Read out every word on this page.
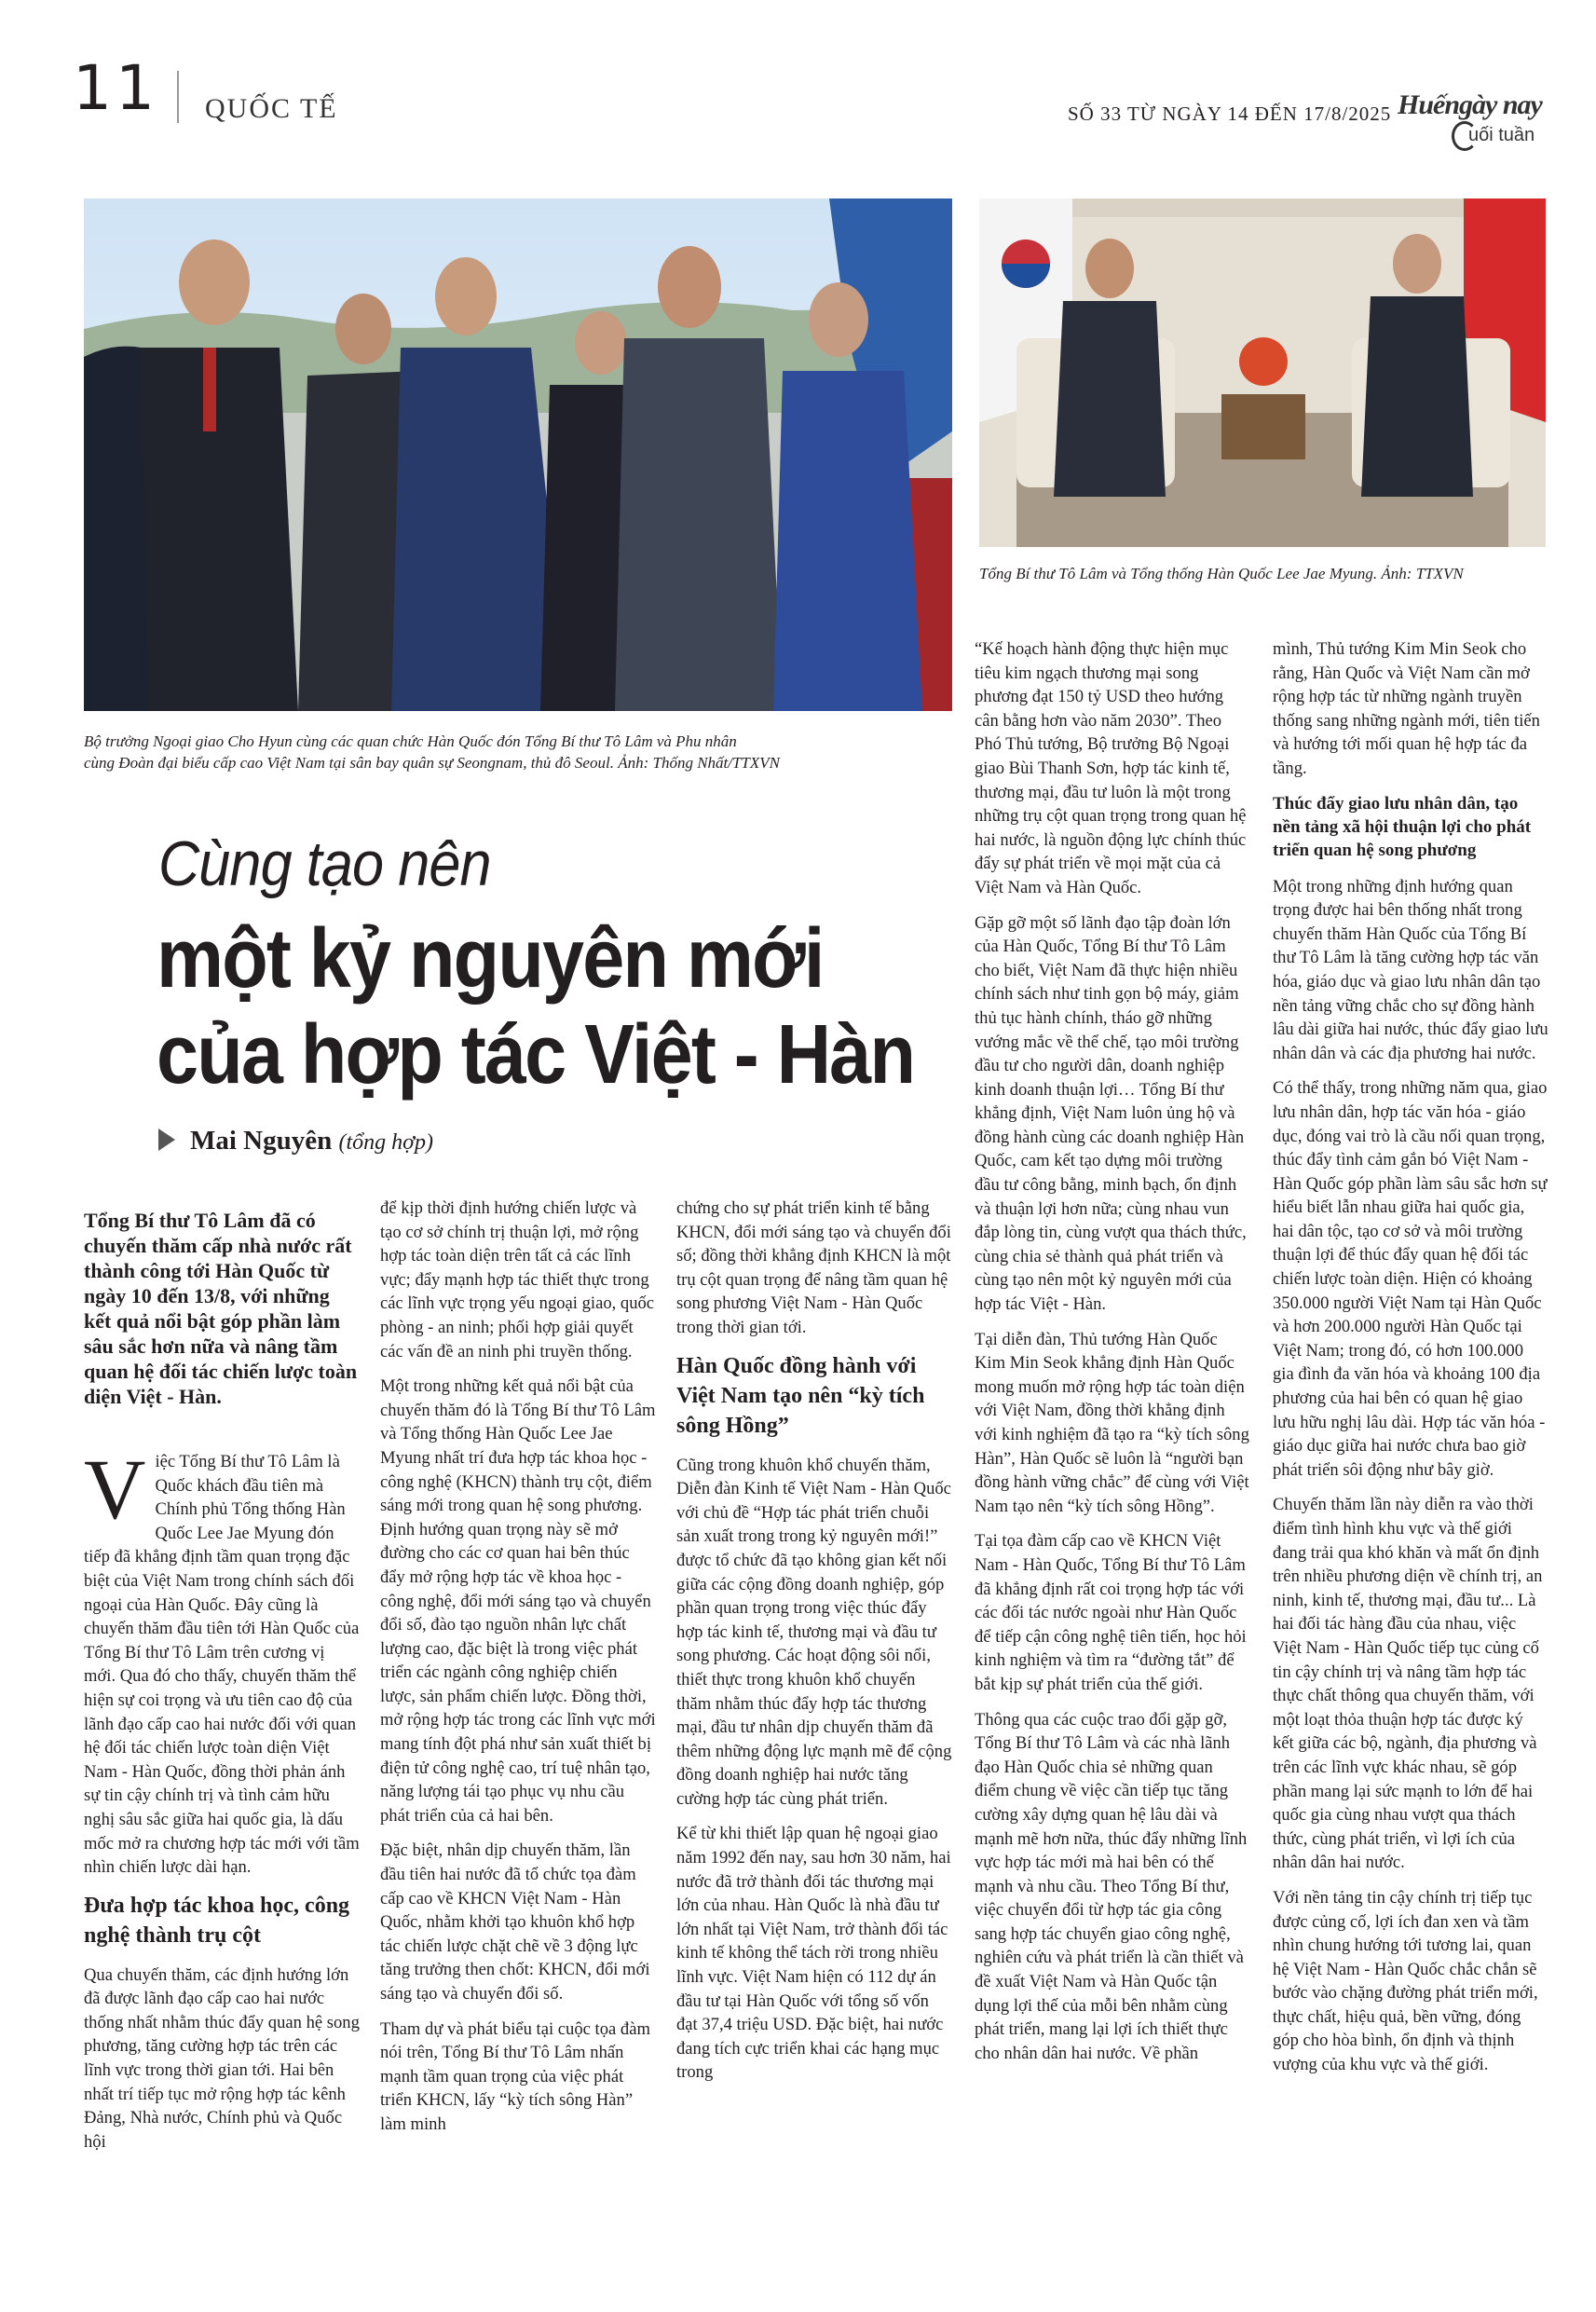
11 QUỐC TẾ	SỐ 33 TỪ NGÀY 14 ĐẾN 17/8/2025 Huếngày nay
uối tuần
Bộ trưởng Ngoại giao Cho Hyun cùng các quan chức Hàn Quốc đón Tổng Bí thư Tô Lâm và Phu nhân
cùng Đoàn đại biểu cấp cao Việt Nam tại sân bay quân sự Seongnam, thủ đô Seoul. Ảnh: Thống Nhất/TTXVN
Tổng Bí thư Tô Lâm và Tổng thống Hàn Quốc Lee Jae Myung. Ảnh: TTXVN
Cùng tạo nên
một kỷ nguyên mới
của hợp tác Việt - Hàn
Mai Nguyên (tổng hợp)

Tổng Bí thư Tô Lâm đã có chuyến thăm cấp nhà nước rất thành công tới Hàn Quốc từ ngày 10 đến 13/8, với những kết quả nổi bật góp phần làm sâu sắc hơn nữa và nâng tầm quan hệ đối tác chiến lược toàn diện Việt - Hàn.

Việc Tổng Bí thư Tô Lâm là Quốc khách đầu tiên mà Chính phủ Tổng thống Hàn Quốc Lee Jae Myung đón tiếp đã khẳng định tầm quan trọng đặc biệt của Việt Nam trong chính sách đối ngoại của Hàn Quốc. Đây cũng là chuyến thăm đầu tiên tới Hàn Quốc của Tổng Bí thư Tô Lâm trên cương vị mới. Qua đó cho thấy, chuyến thăm thể hiện sự coi trọng và ưu tiên cao độ của lãnh đạo cấp cao hai nước đối với quan hệ đối tác chiến lược toàn diện Việt Nam - Hàn Quốc, đồng thời phản ánh sự tin cậy chính trị và tình cảm hữu nghị sâu sắc giữa hai quốc gia, là dấu mốc mở ra chương hợp tác mới với tầm nhìn chiến lược dài hạn.

Đưa hợp tác khoa học, công nghệ thành trụ cột

Qua chuyến thăm, các định hướng lớn đã được lãnh đạo cấp cao hai nước thống nhất nhằm thúc đẩy quan hệ song phương, tăng cường hợp tác trên các lĩnh vực trong thời gian tới. Hai bên nhất trí tiếp tục mở rộng hợp tác kênh Đảng, Nhà nước, Chính phủ và Quốc hội

để kịp thời định hướng chiến lược và tạo cơ sở chính trị thuận lợi, mở rộng hợp tác toàn diện trên tất cả các lĩnh vực; đẩy mạnh hợp tác thiết thực trong các lĩnh vực trọng yếu ngoại giao, quốc phòng - an ninh; phối hợp giải quyết các vấn đề an ninh phi truyền thống.

Một trong những kết quả nổi bật của chuyến thăm đó là Tổng Bí thư Tô Lâm và Tổng thống Hàn Quốc Lee Jae Myung nhất trí đưa hợp tác khoa học - công nghệ (KHCN) thành trụ cột, điểm sáng mới trong quan hệ song phương. Định hướng quan trọng này sẽ mở đường cho các cơ quan hai bên thúc đẩy mở rộng hợp tác về khoa học - công nghệ, đổi mới sáng tạo và chuyển đổi số, đào tạo nguồn nhân lực chất lượng cao, đặc biệt là trong việc phát triển các ngành công nghiệp chiến lược, sản phẩm chiến lược. Đồng thời, mở rộng hợp tác trong các lĩnh vực mới mang tính đột phá như sản xuất thiết bị điện tử công nghệ cao, trí tuệ nhân tạo, năng lượng tái tạo phục vụ nhu cầu phát triển của cả hai bên.

Đặc biệt, nhân dịp chuyến thăm, lần đầu tiên hai nước đã tổ chức tọa đàm cấp cao về KHCN Việt Nam - Hàn Quốc, nhằm khởi tạo khuôn khổ hợp tác chiến lược chặt chẽ về 3 động lực tăng trưởng then chốt: KHCN, đổi mới sáng tạo và chuyển đổi số.

Tham dự và phát biểu tại cuộc tọa đàm nói trên, Tổng Bí thư Tô Lâm nhấn mạnh tầm quan trọng của việc phát triển KHCN, lấy “kỳ tích sông Hàn” làm minh

chứng cho sự phát triển kinh tế bằng KHCN, đổi mới sáng tạo và chuyển đổi số; đồng thời khẳng định KHCN là một trụ cột quan trọng để nâng tầm quan hệ song phương Việt Nam - Hàn Quốc trong thời gian tới.

Hàn Quốc đồng hành với Việt Nam tạo nên “kỳ tích sông Hồng”

Cũng trong khuôn khổ chuyến thăm, Diễn đàn Kinh tế Việt Nam - Hàn Quốc với chủ đề “Hợp tác phát triển chuỗi sản xuất trong trong kỷ nguyên mới!” được tổ chức đã tạo không gian kết nối giữa các cộng đồng doanh nghiệp, góp phần quan trọng trong việc thúc đẩy hợp tác kinh tế, thương mại và đầu tư song phương. Các hoạt động sôi nổi, thiết thực trong khuôn khổ chuyến thăm nhằm thúc đẩy hợp tác thương mại, đầu tư nhân dịp chuyến thăm đã thêm những động lực mạnh mẽ để cộng đồng doanh nghiệp hai nước tăng cường hợp tác cùng phát triển.

Kể từ khi thiết lập quan hệ ngoại giao năm 1992 đến nay, sau hơn 30 năm, hai nước đã trở thành đối tác thương mại lớn của nhau. Hàn Quốc là nhà đầu tư lớn nhất tại Việt Nam, trở thành đối tác kinh tế không thể tách rời trong nhiều lĩnh vực. Việt Nam hiện có 112 dự án đầu tư tại Hàn Quốc với tổng số vốn đạt 37,4 triệu USD. Đặc biệt, hai nước đang tích cực triển khai các hạng mục trong

“Kế hoạch hành động thực hiện mục tiêu kim ngạch thương mại song phương đạt 150 tỷ USD theo hướng cân bằng hơn vào năm 2030”. Theo Phó Thủ tướng, Bộ trưởng Bộ Ngoại giao Bùi Thanh Sơn, hợp tác kinh tế, thương mại, đầu tư luôn là một trong những trụ cột quan trọng trong quan hệ hai nước, là nguồn động lực chính thúc đẩy sự phát triển về mọi mặt của cả Việt Nam và Hàn Quốc.

Gặp gỡ một số lãnh đạo tập đoàn lớn của Hàn Quốc, Tổng Bí thư Tô Lâm cho biết, Việt Nam đã thực hiện nhiều chính sách như tinh gọn bộ máy, giảm thủ tục hành chính, tháo gỡ những vướng mắc về thể chế, tạo môi trường đầu tư cho người dân, doanh nghiệp kinh doanh thuận lợi… Tổng Bí thư khẳng định, Việt Nam luôn ủng hộ và đồng hành cùng các doanh nghiệp Hàn Quốc, cam kết tạo dựng môi trường đầu tư công bằng, minh bạch, ổn định và thuận lợi hơn nữa; cùng nhau vun đắp lòng tin, cùng vượt qua thách thức, cùng chia sẻ thành quả phát triển và cùng tạo nên một kỷ nguyên mới của hợp tác Việt - Hàn.

Tại diễn đàn, Thủ tướng Hàn Quốc Kim Min Seok khẳng định Hàn Quốc mong muốn mở rộng hợp tác toàn diện với Việt Nam, đồng thời khẳng định với kinh nghiệm đã tạo ra “kỳ tích sông Hàn”, Hàn Quốc sẽ luôn là “người bạn đồng hành vững chắc” để cùng với Việt Nam tạo nên “kỳ tích sông Hồng”.

Tại tọa đàm cấp cao về KHCN Việt Nam - Hàn Quốc, Tổng Bí thư Tô Lâm đã khẳng định rất coi trọng hợp tác với các đối tác nước ngoài như Hàn Quốc để tiếp cận công nghệ tiên tiến, học hỏi kinh nghiệm và tìm ra “đường tắt” để bắt kịp sự phát triển của thế giới.

Thông qua các cuộc trao đổi gặp gỡ, Tổng Bí thư Tô Lâm và các nhà lãnh đạo Hàn Quốc chia sẻ những quan điểm chung về việc cần tiếp tục tăng cường xây dựng quan hệ lâu dài và mạnh mẽ hơn nữa, thúc đẩy những lĩnh vực hợp tác mới mà hai bên có thế mạnh và nhu cầu. Theo Tổng Bí thư, việc chuyển đổi từ hợp tác gia công sang hợp tác chuyển giao công nghệ, nghiên cứu và phát triển là cần thiết và đề xuất Việt Nam và Hàn Quốc tận dụng lợi thế của mỗi bên nhằm cùng phát triển, mang lại lợi ích thiết thực cho nhân dân hai nước. Về phần

mình, Thủ tướng Kim Min Seok cho rằng, Hàn Quốc và Việt Nam cần mở rộng hợp tác từ những ngành truyền thống sang những ngành mới, tiên tiến và hướng tới mối quan hệ hợp tác đa tầng.

Thúc đẩy giao lưu nhân dân, tạo nền tảng xã hội thuận lợi cho phát triển quan hệ song phương

Một trong những định hướng quan trọng được hai bên thống nhất trong chuyến thăm Hàn Quốc của Tổng Bí thư Tô Lâm là tăng cường hợp tác văn hóa, giáo dục và giao lưu nhân dân tạo nền tảng vững chắc cho sự đồng hành lâu dài giữa hai nước, thúc đẩy giao lưu nhân dân và các địa phương hai nước.

Có thể thấy, trong những năm qua, giao lưu nhân dân, hợp tác văn hóa - giáo dục, đóng vai trò là cầu nối quan trọng, thúc đẩy tình cảm gắn bó Việt Nam - Hàn Quốc góp phần làm sâu sắc hơn sự hiểu biết lẫn nhau giữa hai quốc gia, hai dân tộc, tạo cơ sở và môi trường thuận lợi để thúc đẩy quan hệ đối tác chiến lược toàn diện. Hiện có khoảng 350.000 người Việt Nam tại Hàn Quốc và hơn 200.000 người Hàn Quốc tại Việt Nam; trong đó, có hơn 100.000 gia đình đa văn hóa và khoảng 100 địa phương của hai bên có quan hệ giao lưu hữu nghị lâu dài. Hợp tác văn hóa - giáo dục giữa hai nước chưa bao giờ phát triển sôi động như bây giờ.

Chuyến thăm lần này diễn ra vào thời điểm tình hình khu vực và thế giới đang trải qua khó khăn và mất ổn định trên nhiều phương diện về chính trị, an ninh, kinh tế, thương mại, đầu tư... Là hai đối tác hàng đầu của nhau, việc Việt Nam - Hàn Quốc tiếp tục củng cố tin cậy chính trị và nâng tầm hợp tác thực chất thông qua chuyến thăm, với một loạt thỏa thuận hợp tác được ký kết giữa các bộ, ngành, địa phương và trên các lĩnh vực khác nhau, sẽ góp phần mang lại sức mạnh to lớn để hai quốc gia cùng nhau vượt qua thách thức, cùng phát triển, vì lợi ích của nhân dân hai nước.

Với nền tảng tin cậy chính trị tiếp tục được củng cố, lợi ích đan xen và tầm nhìn chung hướng tới tương lai, quan hệ Việt Nam - Hàn Quốc chắc chắn sẽ bước vào chặng đường phát triển mới, thực chất, hiệu quả, bền vững, đóng góp cho hòa bình, ổn định và thịnh vượng của khu vực và thế giới.
